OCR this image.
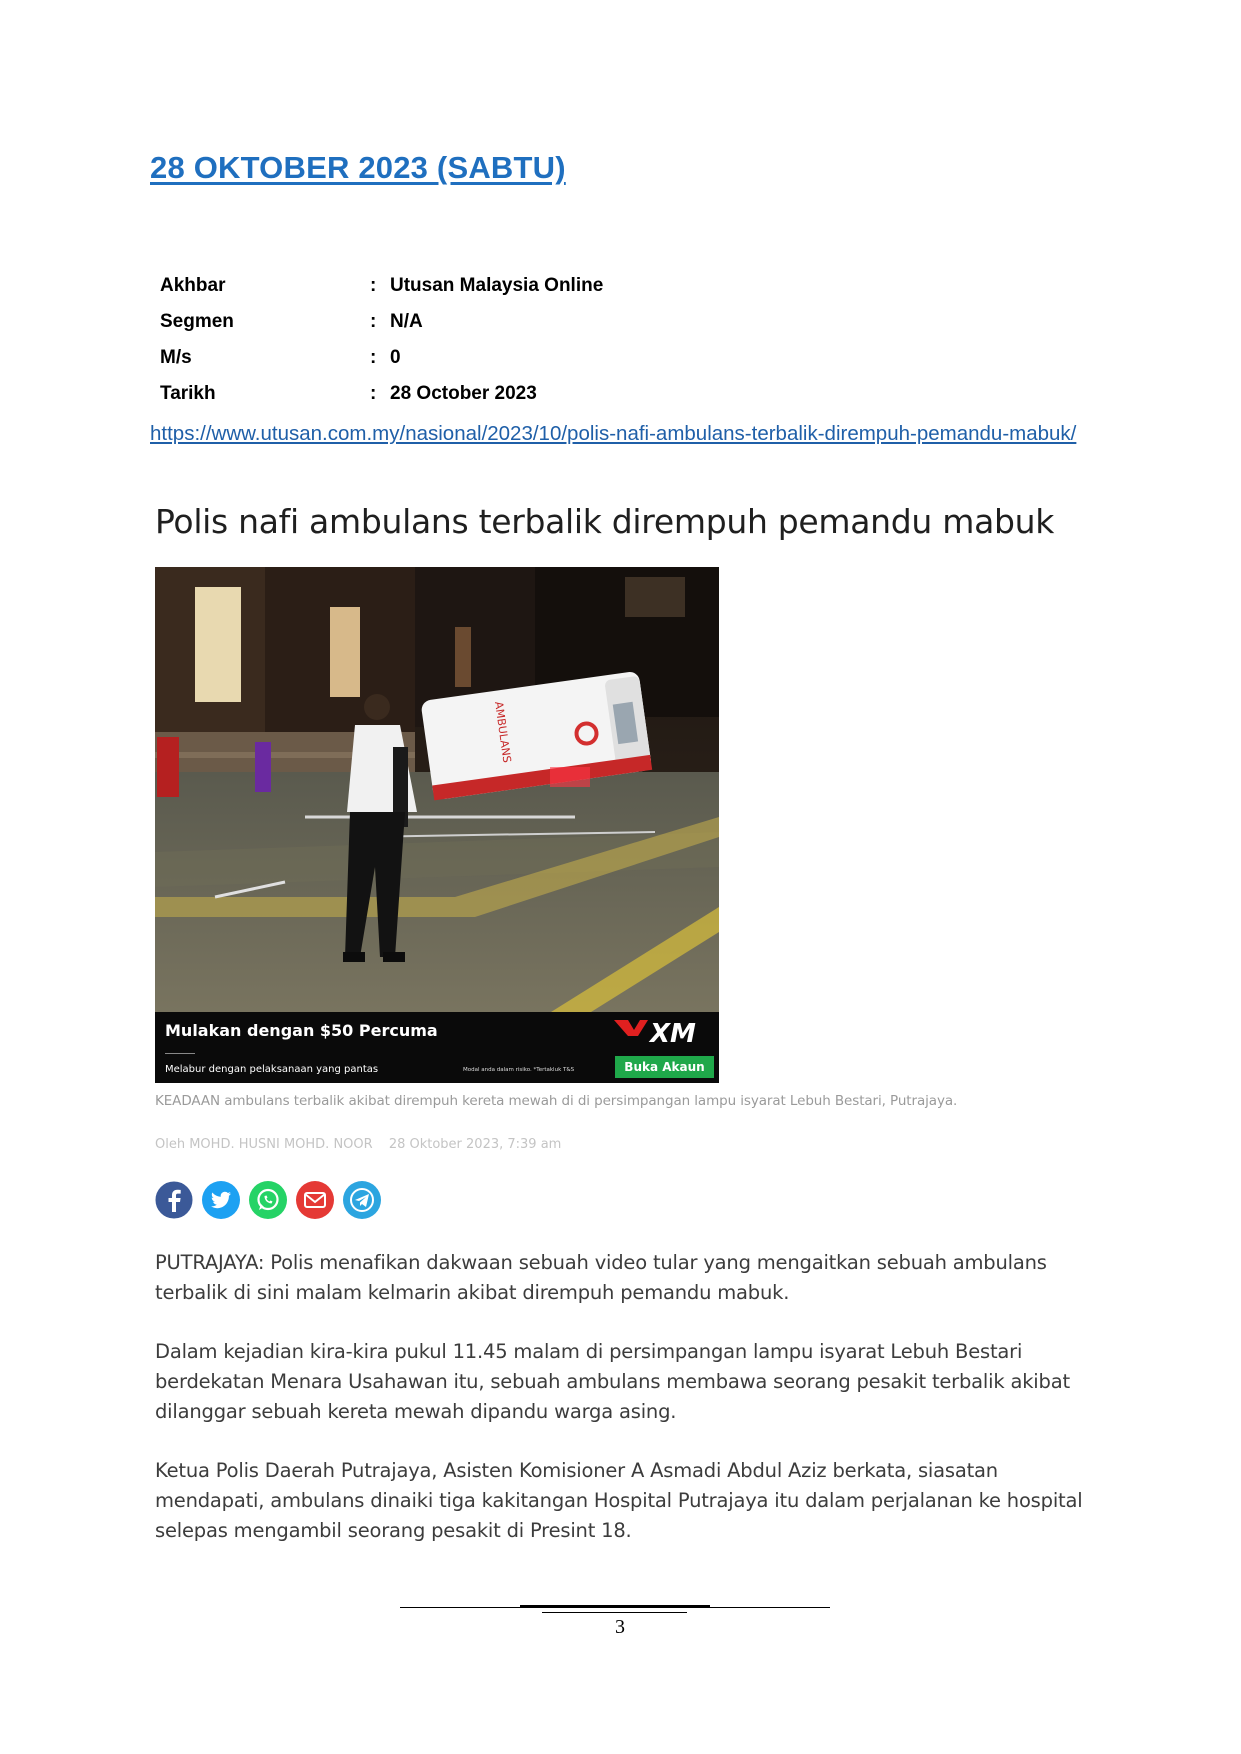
28 OKTOBER 2023 (SABTU)
Akhbar	:	Utusan Malaysia Online
Segmen	:	N/A
M/s	:	0
Tarikh	:	28 October 2023
https://www.utusan.com.my/nasional/2023/10/polis-nafi-ambulans-terbalik-dirempuh-pemandu-mabuk/
Polis nafi ambulans terbalik dirempuh pemandu mabuk
AMBULANS
Mulakan dengan $50 Percuma
Melabur dengan pelaksanaan yang pantas	Modal anda dalam risiko. *Tertakluk T&S
XM
Buka Akaun
KEADAAN ambulans terbalik akibat dirempuh kereta mewah di di persimpangan lampu isyarat Lebuh Bestari, Putrajaya.
Oleh MOHD. HUSNI MOHD. NOOR 28 Oktober 2023, 7:39 am

PUTRAJAYA: Polis menafikan dakwaan sebuah video tular yang mengaitkan sebuah ambulans terbalik di sini malam kelmarin akibat dirempuh pemandu mabuk.

Dalam kejadian kira-kira pukul 11.45 malam di persimpangan lampu isyarat Lebuh Bestari berdekatan Menara Usahawan itu, sebuah ambulans membawa seorang pesakit terbalik akibat dilanggar sebuah kereta mewah dipandu warga asing.

Ketua Polis Daerah Putrajaya, Asisten Komisioner A Asmadi Abdul Aziz berkata, siasatan mendapati, ambulans dinaiki tiga kakitangan Hospital Putrajaya itu dalam perjalanan ke hospital selepas mengambil seorang pesakit di Presint 18.

3
